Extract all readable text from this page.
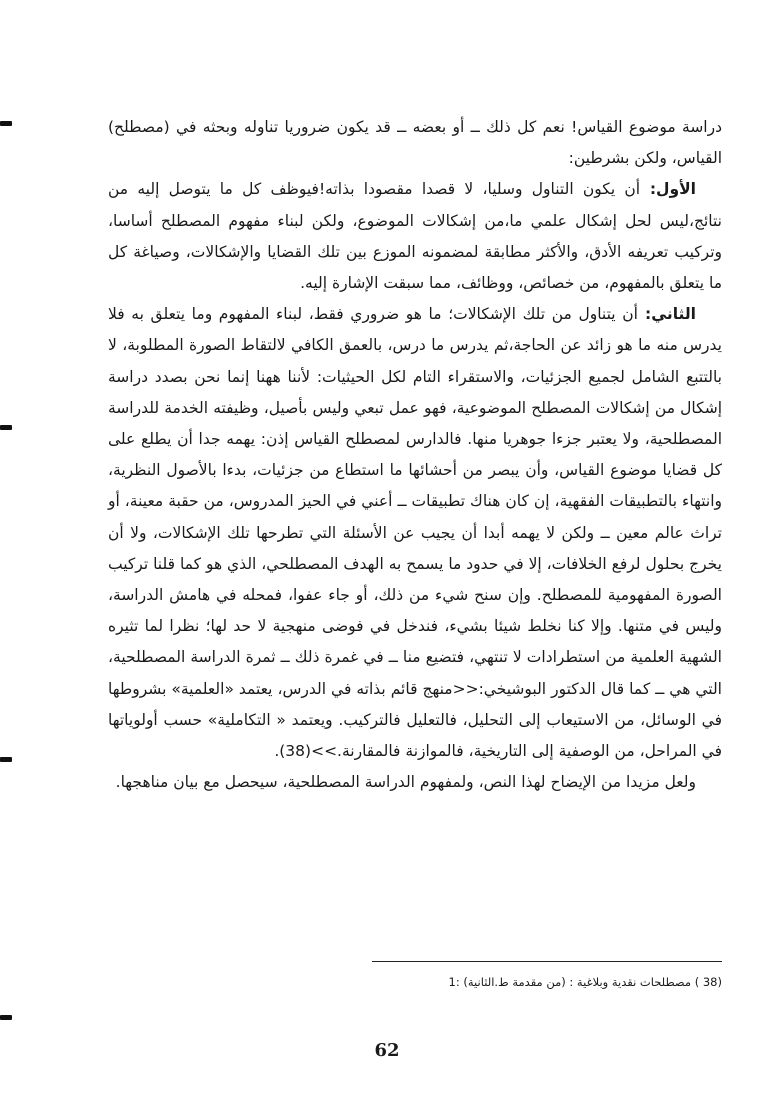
دراسة موضوع القياس! نعم كل ذلك ــ أو بعضه ــ قد يكون ضروريا تناوله وبحثه في (مصطلح) القياس، ولكن بشرطين:

الأول: أن يكون التناول وسليا، لا قصدا مقصودا بذاته!فيوظف كل ما يتوصل إليه من نتائج،ليس لحل إشكال علمي ما،من إشكالات الموضوع، ولكن لبناء مفهوم المصطلح أساسا، وتركيب تعريفه الأدق، والأكثر مطابقة لمضمونه الموزع بين تلك القضايا والإشكالات، وصياغة كل ما يتعلق بالمفهوم، من خصائص، ووظائف، مما سبقت الإشارة إليه.

الثاني: أن يتناول من تلك الإشكالات؛ ما هو ضروري فقط، لبناء المفهوم وما يتعلق به فلا يدرس منه ما هو زائد عن الحاجة،ثم يدرس ما درس، بالعمق الكافي لالتقاط الصورة المطلوبة، لا بالتتبع الشامل لجميع الجزئيات، والاستقراء التام لكل الحيثيات: لأننا ههنا إنما نحن بصدد دراسة إشكال من إشكالات المصطلح الموضوعية، فهو عمل تبعي وليس بأصيل، وظيفته الخدمة للدراسة المصطلحية، ولا يعتبر جزءا جوهريا منها. فالدارس لمصطلح القياس إذن: يهمه جدا أن يطلع على كل قضايا موضوع القياس، وأن يبصر من أحشائها ما استطاع من جزئيات، بدءا بالأصول النظرية، وانتهاء بالتطبيقات الفقهية، إن كان هناك تطبيقات ــ أعني في الحيز المدروس، من حقبة معينة، أو تراث عالم معين ــ ولكن لا يهمه أبدا أن يجيب عن الأسئلة التي تطرحها تلك الإشكالات، ولا أن يخرج بحلول لرفع الخلافات، إلا في حدود ما يسمح به الهدف المصطلحي، الذي هو كما قلنا تركيب الصورة المفهومية للمصطلح. وإن سنح شيء من ذلك، أو جاء عفوا، فمحله في هامش الدراسة، وليس في متنها. وإلا كنا نخلط شيئا بشيء، فندخل في فوضى منهجية لا حد لها؛ نظرا لما تثيره الشهية العلمية من استطرادات لا تنتهي، فتضيع منا ــ في غمرة ذلك ــ ثمرة الدراسة المصطلحية، التي هي ــ كما قال الدكتور البوشيخي:<<منهج قائم بذاته في الدرس، يعتمد «العلمية» بشروطها في الوسائل، من الاستيعاب إلى التحليل، فالتعليل فالتركيب. ويعتمد « التكاملية» حسب أولوياتها في المراحل، من الوصفية إلى التاريخية، فالموازنة فالمقارنة.>>(38).

ولعل مزيدا من الإيضاح لهذا النص، ولمفهوم الدراسة المصطلحية، سيحصل مع بيان مناهجها.

(38 ) مصطلحات نقدية وبلاغية : (من مقدمة ط.الثانية) :1
62
